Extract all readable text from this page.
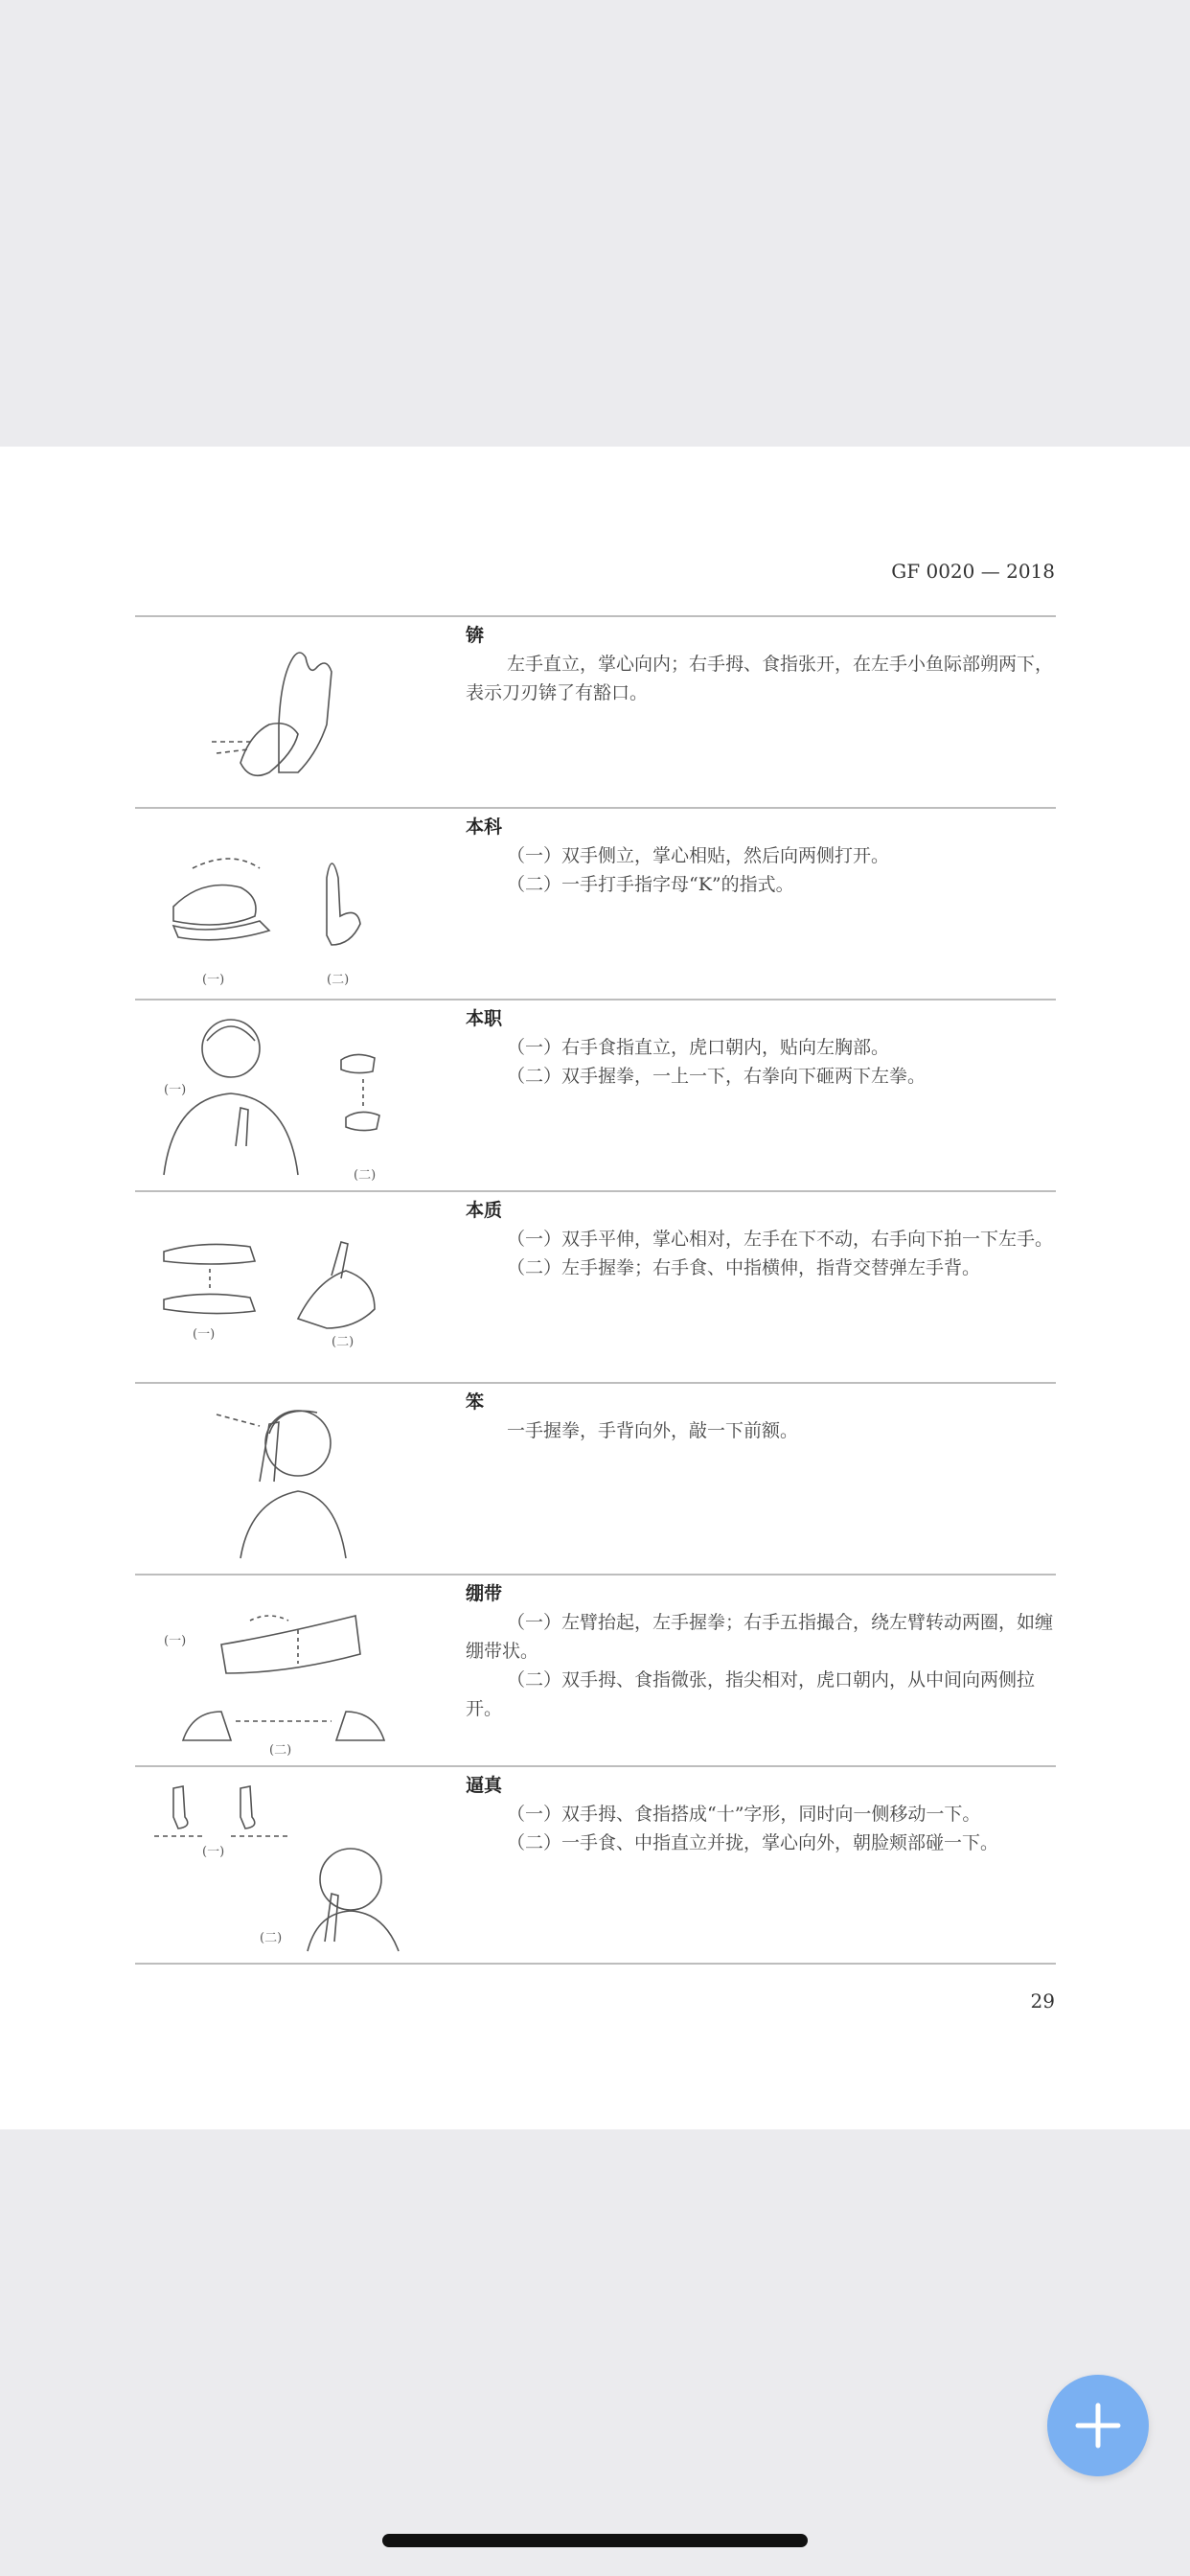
GF 0020 — 2018
锛

左手直立，掌心向内；右手拇、食指张开，在左手小鱼际部朔两下，表示刀刃锛了有豁口。

(一)	(二)
本科

（一）双手侧立，掌心相贴，然后向两侧打开。

（二）一手打手指字母“K”的指式。

(一)
(二)
本职

（一）右手食指直立，虎口朝内，贴向左胸部。

（二）双手握拳，一上一下，右拳向下砸两下左拳。

(一)
(二)
本质

（一）双手平伸，掌心相对，左手在下不动，右手向下拍一下左手。

（二）左手握拳；右手食、中指横伸，指背交替弹左手背。

笨

一手握拳，手背向外，敲一下前额。

(一)
(二)
绷带

（一）左臂抬起，左手握拳；右手五指撮合，绕左臂转动两圈，如缠绷带状。

（二）双手拇、食指微张，指尖相对，虎口朝内，从中间向两侧拉开。

(一)
(二)
逼真

（一）双手拇、食指搭成“十”字形，同时向一侧移动一下。

（二）一手食、中指直立并拢，掌心向外，朝脸颊部碰一下。

29
